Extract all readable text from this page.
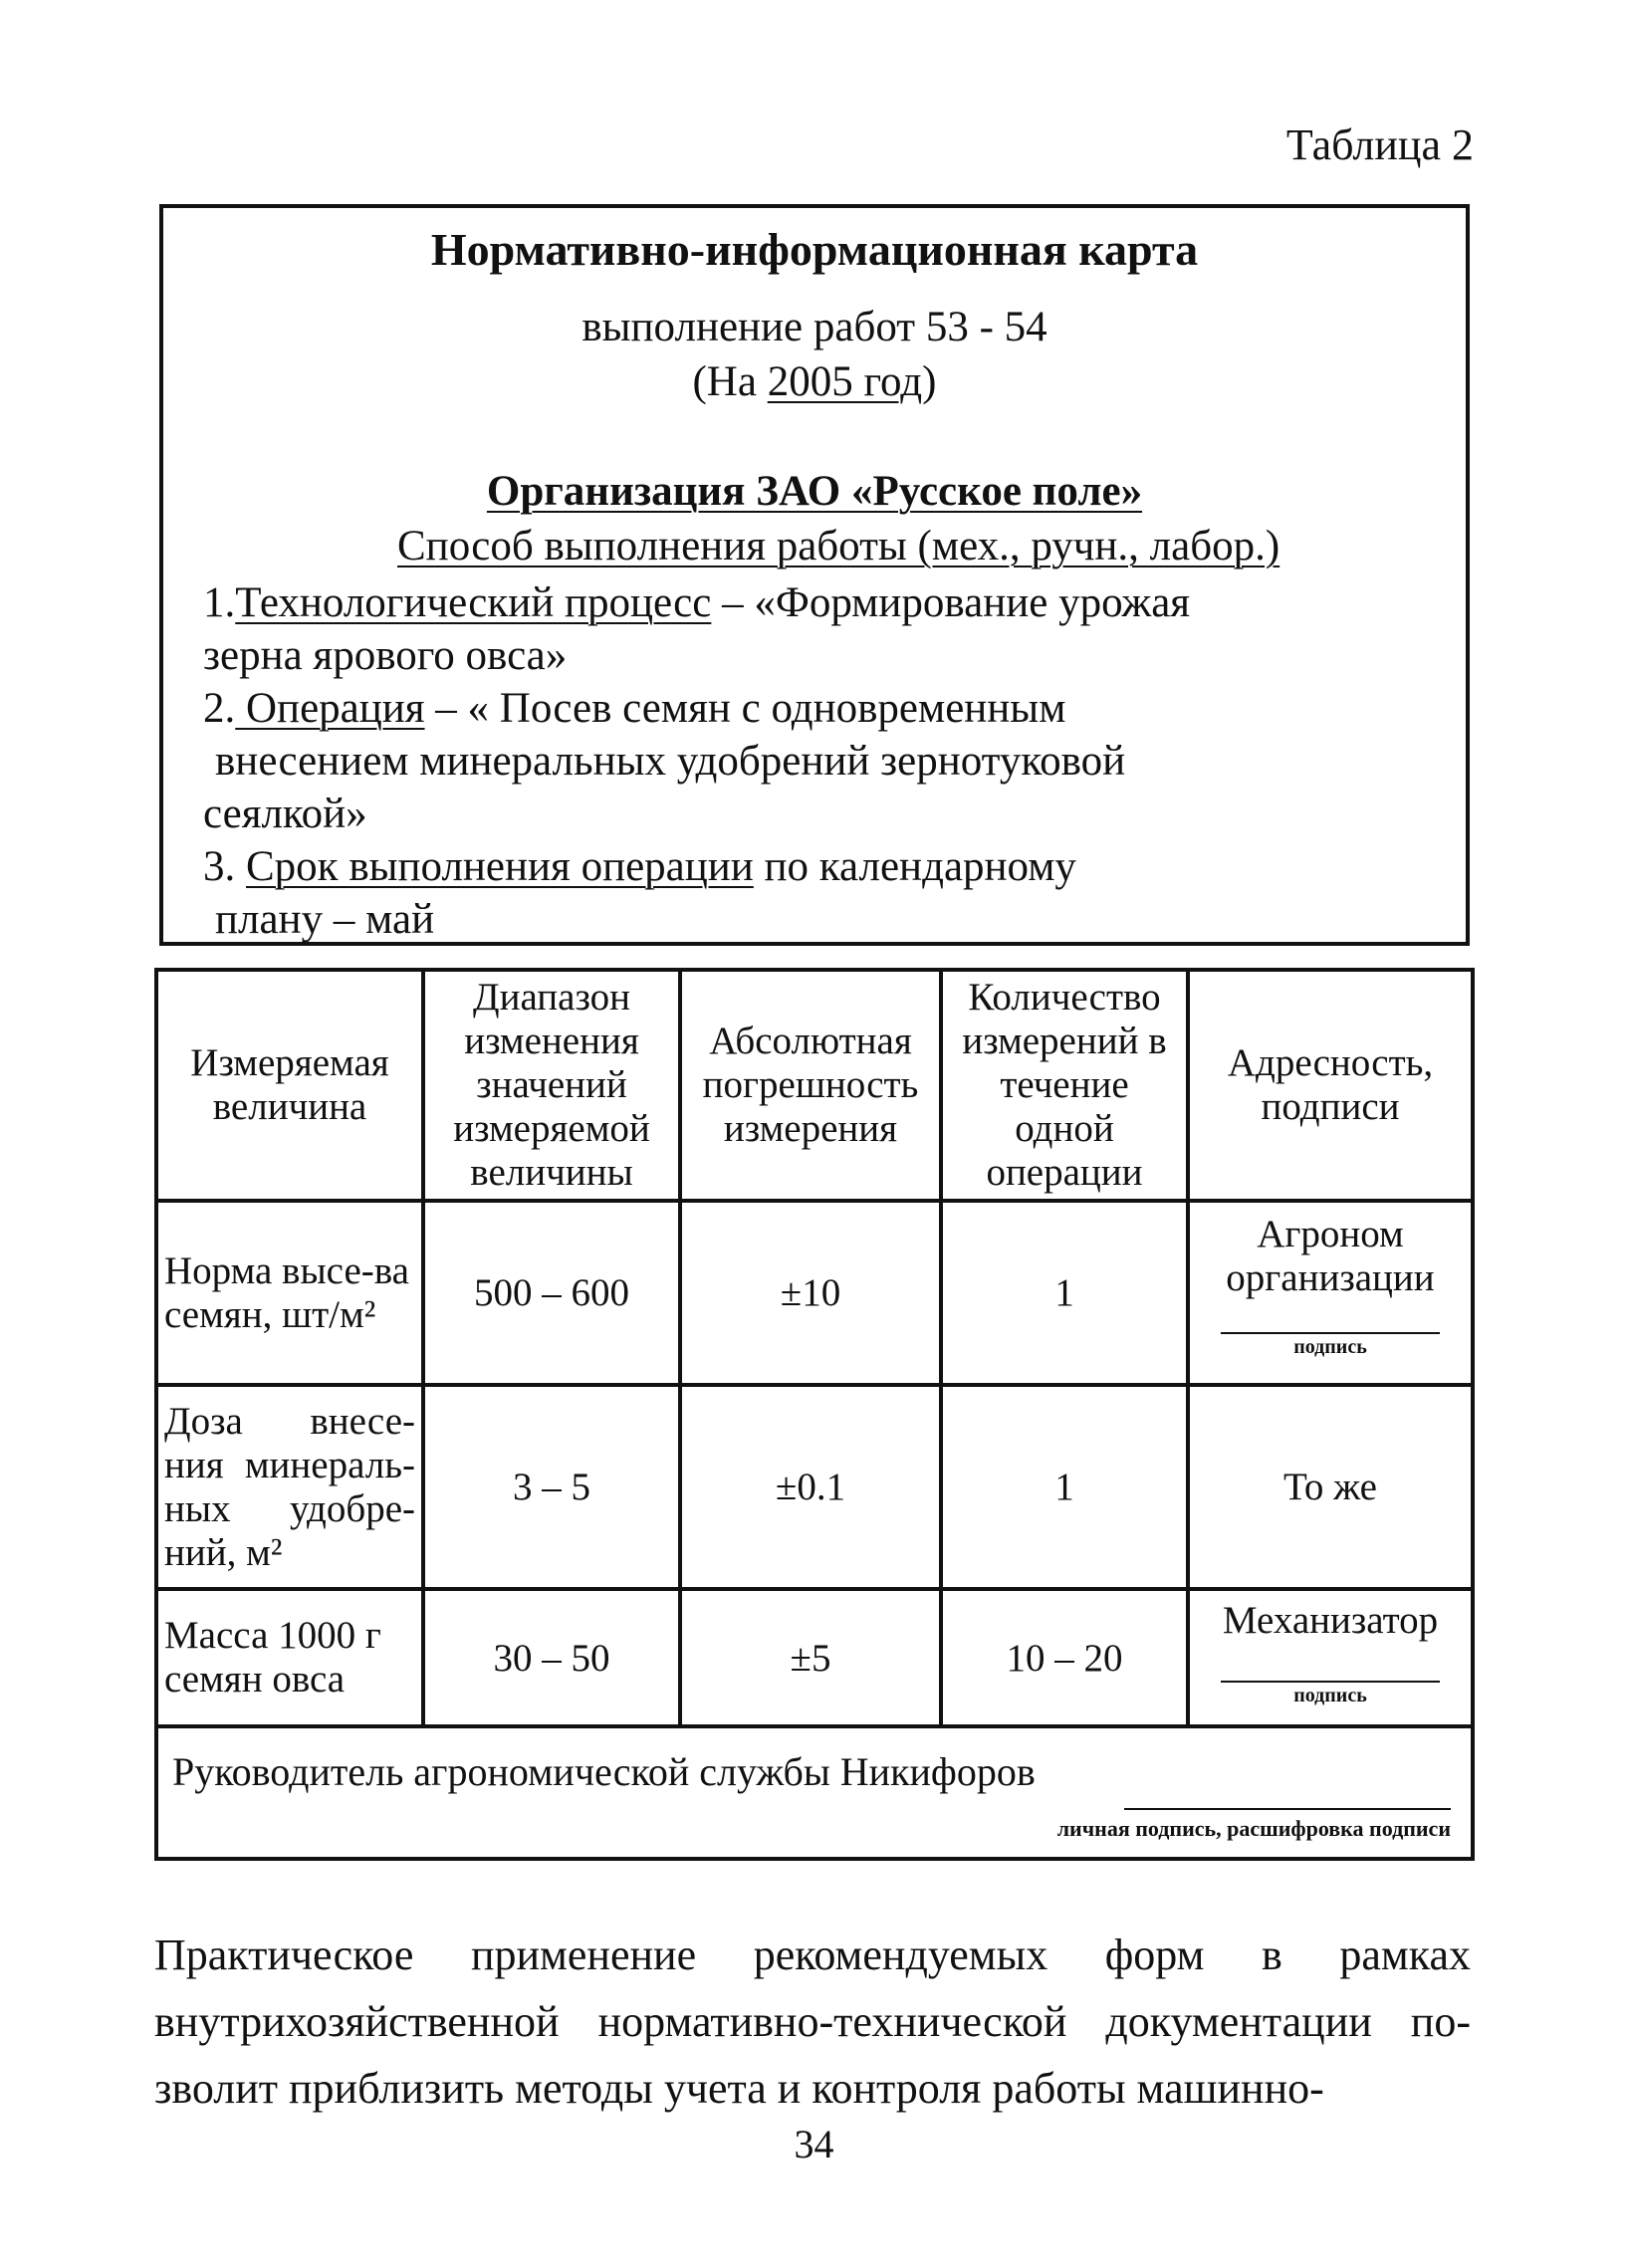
Таблица 2
Нормативно-информационная карта
выполнение работ 53 - 54
(На 2005 год)
Организация ЗАО «Русское поле»
Способ выполнения работы (мех., ручн., лабор.)

1.Технологический процесс – «Формирование урожая

зерна ярового овса»

2. Операция – « Посев семян с одновременным

внесением минеральных удобрений зернотуковой

сеялкой»

3. Срок выполнения операции по календарному

плану – май

Измеряемая величина	Диапазон изменения значений измеряемой величины	Абсолютная погрешность измерения	Количество измерений в течение одной операции	Адресность, подписи
Норма высе-ва семян, шт/м²	500 – 600	±10	1	Агроном организации
подпись

Доза внесе-ния минераль-ных удобре-ний, м²	3 – 5	±0.1	1	То же
Масса 1000 г семян овса	30 – 50	±5	10 – 20	Механизатор
подпись

Руководитель агрономической службы Никифоров
личная подпись, расшифровка подписи				

Практическое применение рекомендуемых форм в рамках

внутрихозяйственной нормативно-технической документации по-

зволит приблизить методы учета и контроля работы машинно-

34
